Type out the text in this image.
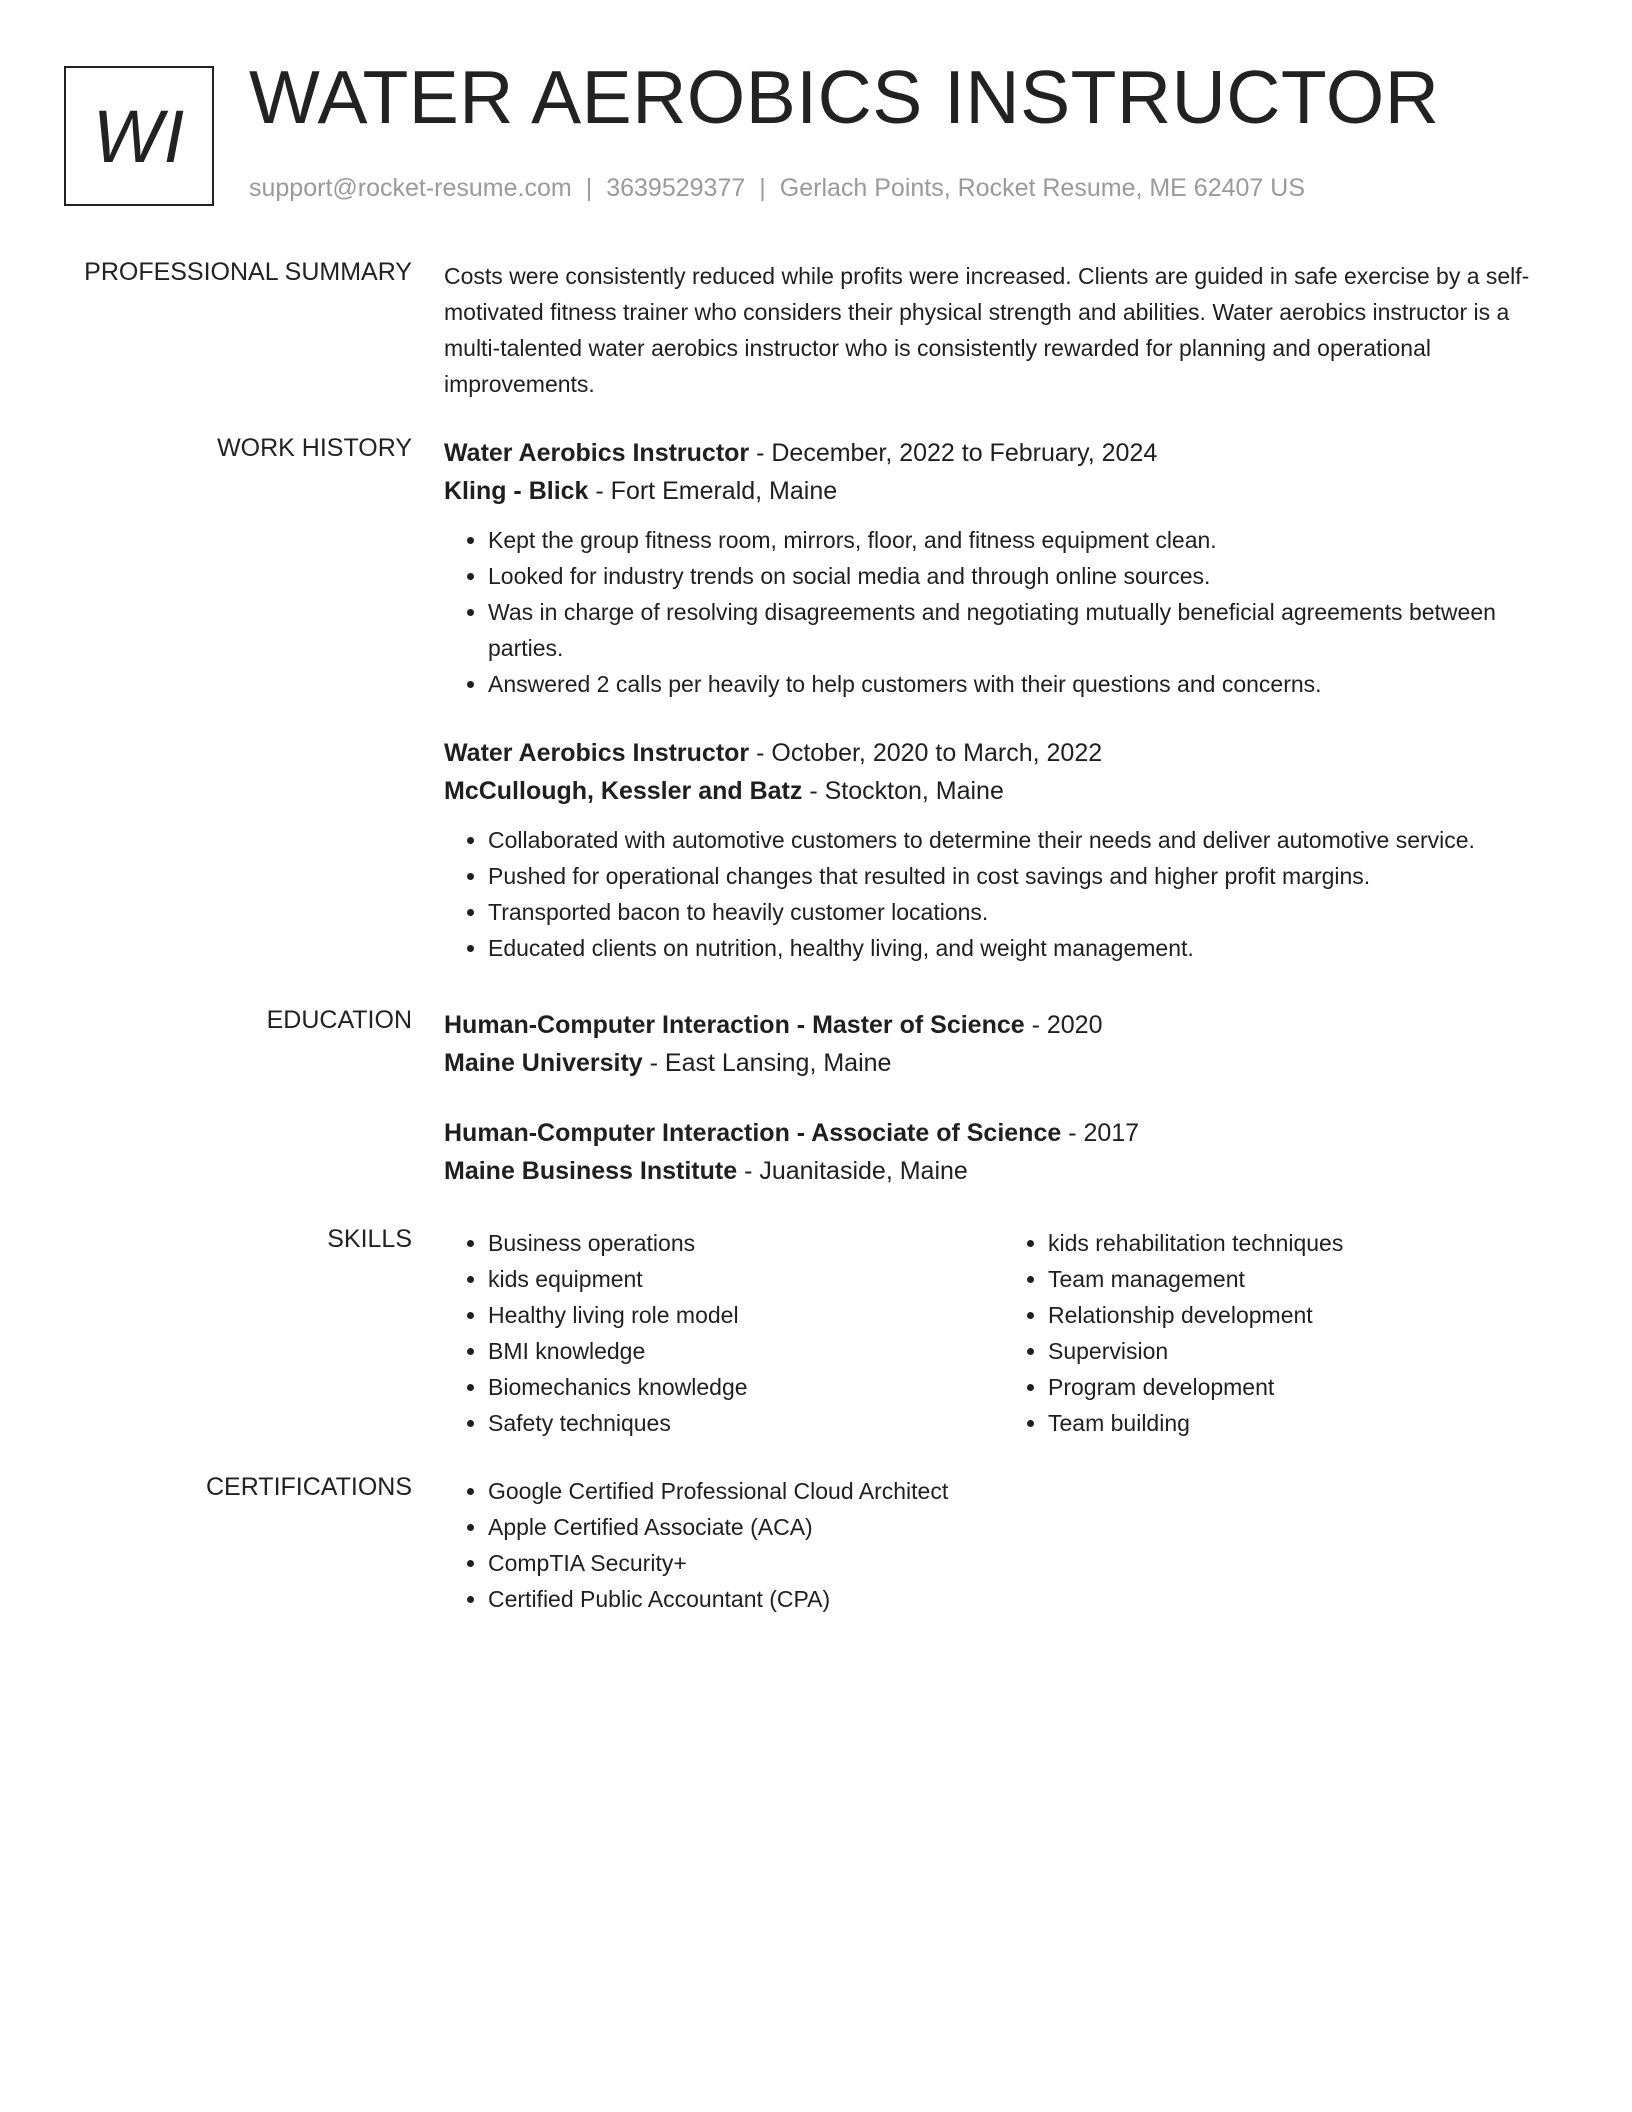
WI WATER AEROBICS INSTRUCTOR
support@rocket-resume.com | 3639529377 | Gerlach Points, Rocket Resume, ME 62407 US
PROFESSIONAL SUMMARY Costs were consistently reduced while profits were increased. Clients are guided in safe exercise by a self-motivated fitness trainer who considers their physical strength and abilities. Water aerobics instructor is a multi-talented water aerobics instructor who is consistently rewarded for planning and operational improvements.

WORK HISTORY Water Aerobics Instructor - December, 2022 to February, 2024
Kling - Blick - Fort Emerald, Maine
• Kept the group fitness room, mirrors, floor, and fitness equipment clean.
• Looked for industry trends on social media and through online sources.
• Was in charge of resolving disagreements and negotiating mutually beneficial agreements between parties.
• Answered 2 calls per heavily to help customers with their questions and concerns.
Water Aerobics Instructor - October, 2020 to March, 2022
McCullough, Kessler and Batz - Stockton, Maine
• Collaborated with automotive customers to determine their needs and deliver automotive service.
• Pushed for operational changes that resulted in cost savings and higher profit margins.
• Transported bacon to heavily customer locations.
• Educated clients on nutrition, healthy living, and weight management.
EDUCATION Human-Computer Interaction - Master of Science - 2020
Maine University - East Lansing, Maine
Human-Computer Interaction - Associate of Science - 2017
Maine Business Institute - Juanitaside, Maine
SKILLS	• Business operations
• kids equipment
• Healthy living role model
• BMI knowledge
• Biomechanics knowledge
• Safety techniques
• kids rehabilitation techniques
• Team management
• Relationship development
• Supervision
• Program development
• Team building
CERTIFICATIONS	• Google Certified Professional Cloud Architect
• Apple Certified Associate (ACA)
• CompTIA Security+
• Certified Public Accountant (CPA)
